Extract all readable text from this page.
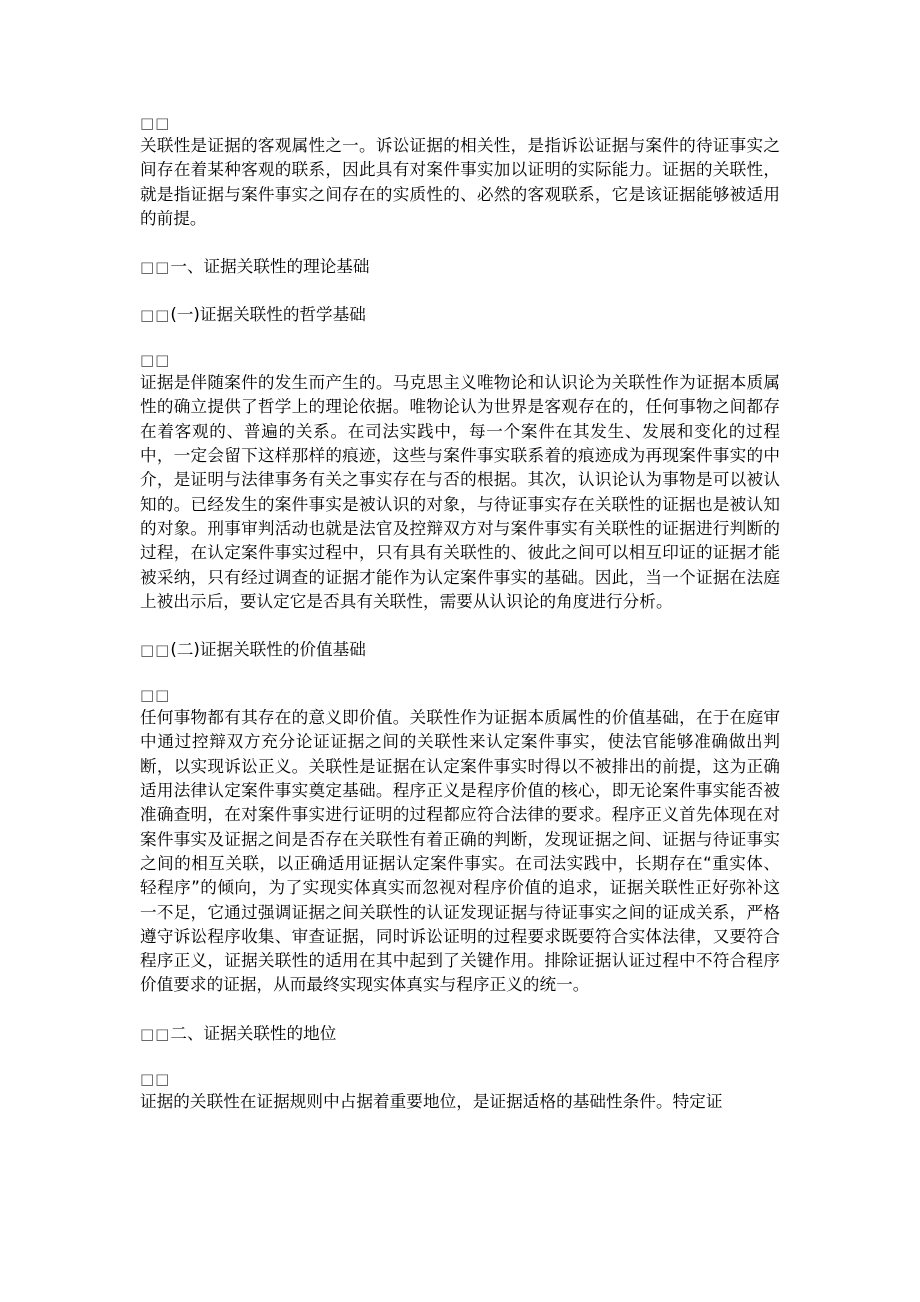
□□

关联性是证据的客观属性之一。诉讼证据的相关性，是指诉讼证据与案件的待证事实之间存在着某种客观的联系，因此具有对案件事实加以证明的实际能力。证据的关联性，就是指证据与案件事实之间存在的实质性的、必然的客观联系，它是该证据能够被适用的前提。

□□一、证据关联性的理论基础
□□(一)证据关联性的哲学基础
□□

证据是伴随案件的发生而产生的。马克思主义唯物论和认识论为关联性作为证据本质属性的确立提供了哲学上的理论依据。唯物论认为世界是客观存在的，任何事物之间都存在着客观的、普遍的关系。在司法实践中，每一个案件在其发生、发展和变化的过程中，一定会留下这样那样的痕迹，这些与案件事实联系着的痕迹成为再现案件事实的中介，是证明与法律事务有关之事实存在与否的根据。其次，认识论认为事物是可以被认知的。已经发生的案件事实是被认识的对象，与待证事实存在关联性的证据也是被认知的对象。刑事审判活动也就是法官及控辩双方对与案件事实有关联性的证据进行判断的过程，在认定案件事实过程中，只有具有关联性的、彼此之间可以相互印证的证据才能被采纳，只有经过调查的证据才能作为认定案件事实的基础。因此，当一个证据在法庭上被出示后，要认定它是否具有关联性，需要从认识论的角度进行分析。

□□(二)证据关联性的价值基础
□□

任何事物都有其存在的意义即价值。关联性作为证据本质属性的价值基础，在于在庭审中通过控辩双方充分论证证据之间的关联性来认定案件事实，使法官能够准确做出判断，以实现诉讼正义。关联性是证据在认定案件事实时得以不被排出的前提，这为正确适用法律认定案件事实奠定基础。程序正义是程序价值的核心，即无论案件事实能否被准确查明，在对案件事实进行证明的过程都应符合法律的要求。程序正义首先体现在对案件事实及证据之间是否存在关联性有着正确的判断，发现证据之间、证据与待证事实之间的相互关联，以正确适用证据认定案件事实。在司法实践中，长期存在“重实体、轻程序”的倾向，为了实现实体真实而忽视对程序价值的追求，证据关联性正好弥补这一不足，它通过强调证据之间关联性的认证发现证据与待证事实之间的证成关系，严格遵守诉讼程序收集、审查证据，同时诉讼证明的过程要求既要符合实体法律，又要符合程序正义，证据关联性的适用在其中起到了关键作用。排除证据认证过程中不符合程序价值要求的证据，从而最终实现实体真实与程序正义的统一。

□□二、证据关联性的地位
□□

证据的关联性在证据规则中占据着重要地位，是证据适格的基础性条件。特定证
